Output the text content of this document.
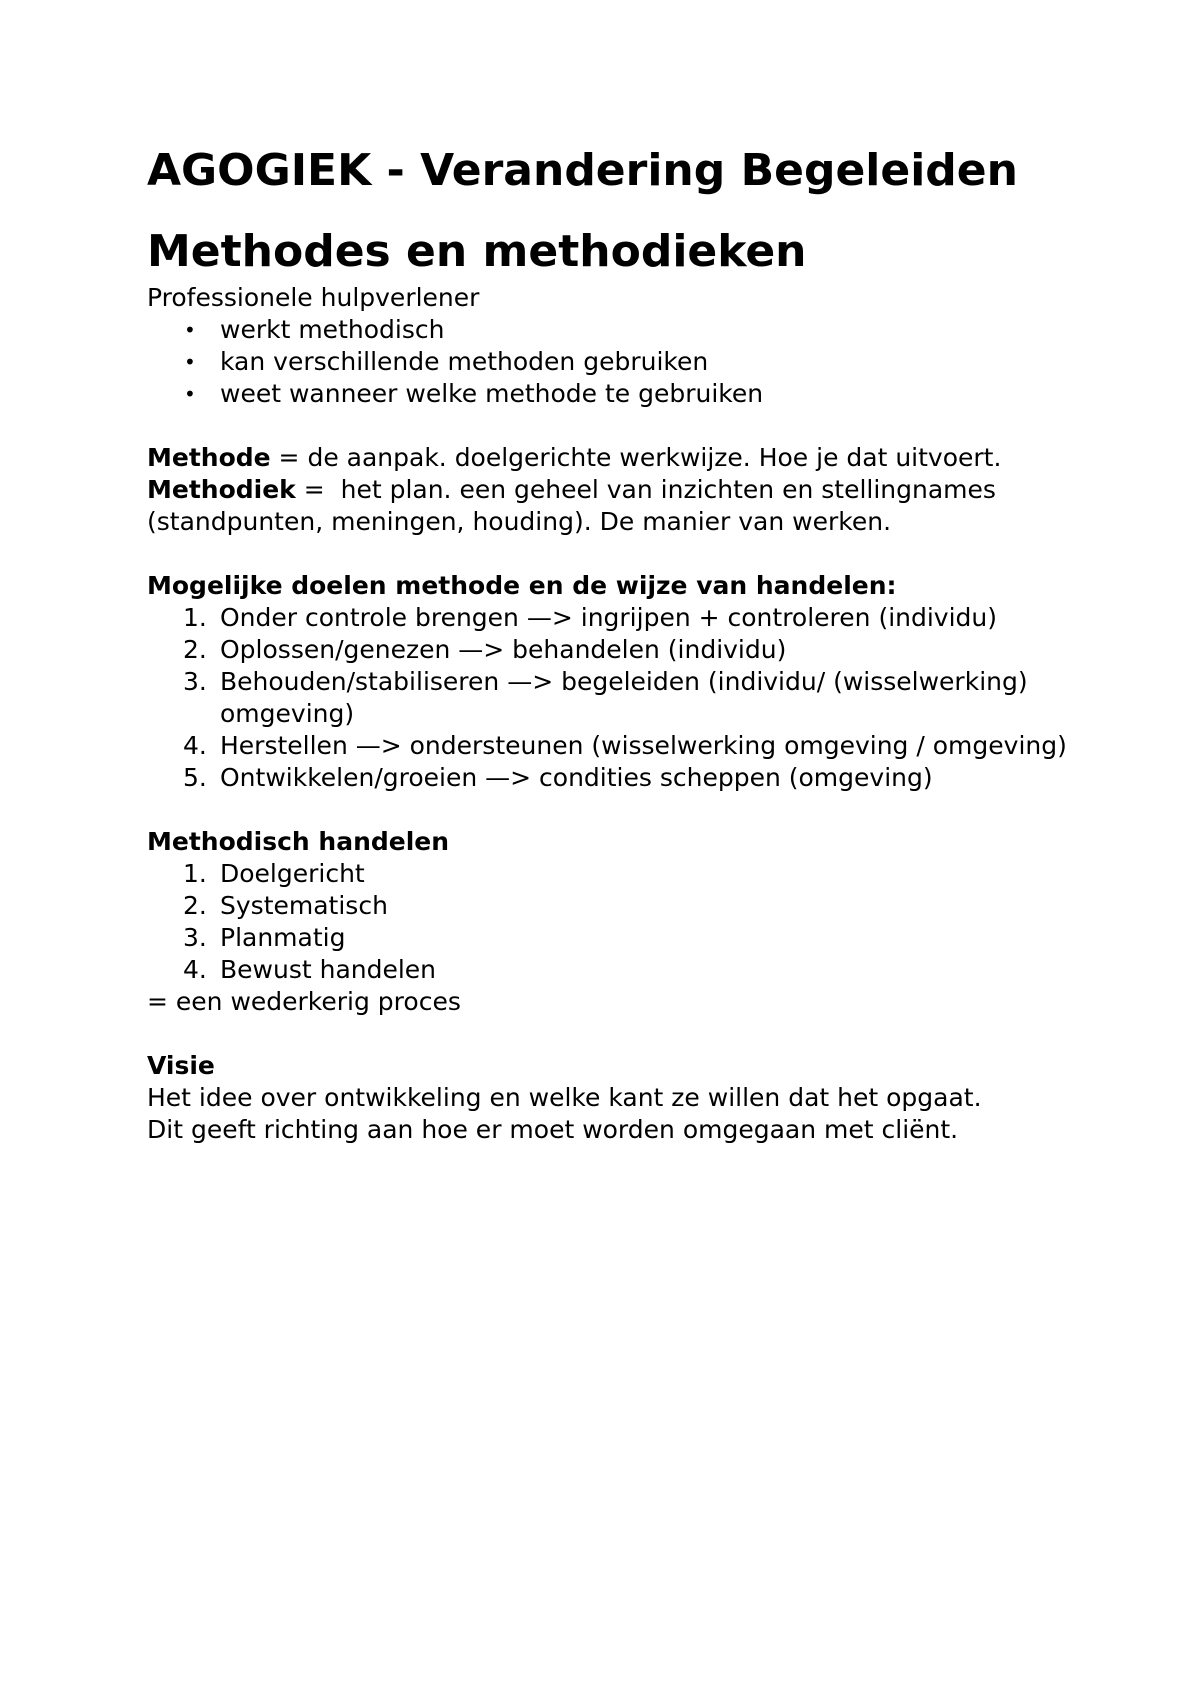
AGOGIEK - Verandering Begeleiden
Methodes en methodieken

Professionele hulpverlener

• werkt methodisch
• kan verschillende methoden gebruiken
• weet wanneer welke methode te gebruiken

Methode = de aanpak. doelgerichte werkwijze. Hoe je dat uitvoert.

Methodiek =  het plan. een geheel van inzichten en stellingnames (standpunten, meningen, houding). De manier van werken.

Mogelijke doelen methode en de wijze van handelen:

1. Onder controle brengen —> ingrijpen + controleren (individu)
2. Oplossen/genezen —> behandelen (individu)
3. Behouden/stabiliseren —> begeleiden (individu/ (wisselwerking) omgeving)
4. Herstellen —> ondersteunen (wisselwerking omgeving / omgeving)
5. Ontwikkelen/groeien —> condities scheppen (omgeving)

Methodisch handelen

1. Doelgericht
2. Systematisch
3. Planmatig
4. Bewust handelen

= een wederkerig proces

Visie

Het idee over ontwikkeling en welke kant ze willen dat het opgaat.

Dit geeft richting aan hoe er moet worden omgegaan met cliënt.
